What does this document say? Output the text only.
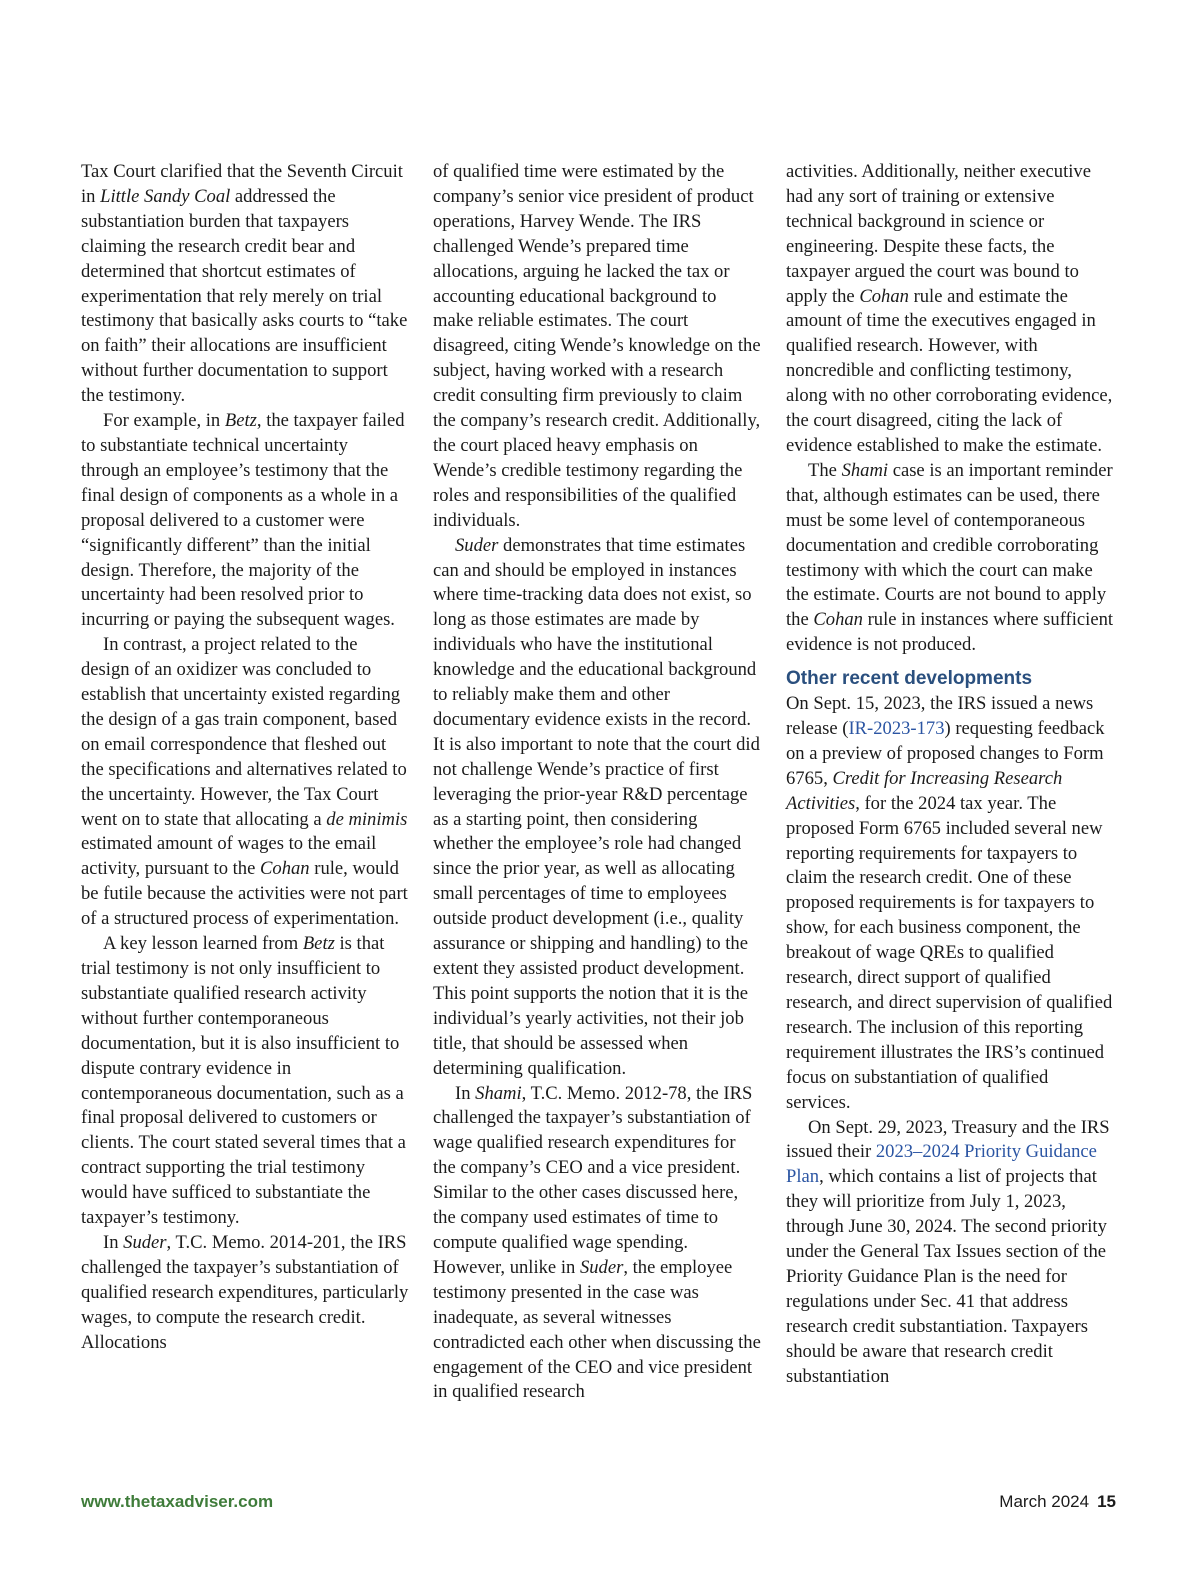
Tax Court clarified that the Seventh Circuit in Little Sandy Coal addressed the substantiation burden that taxpayers claiming the research credit bear and determined that shortcut estimates of experimentation that rely merely on trial testimony that basically asks courts to “take on faith” their allocations are insufficient without further documentation to support the testimony.

For example, in Betz, the taxpayer failed to substantiate technical uncertainty through an employee’s testimony that the final design of components as a whole in a proposal delivered to a customer were “significantly different” than the initial design. Therefore, the majority of the uncertainty had been resolved prior to incurring or paying the subsequent wages.

In contrast, a project related to the design of an oxidizer was concluded to establish that uncertainty existed regarding the design of a gas train component, based on email correspondence that fleshed out the specifications and alternatives related to the uncertainty. However, the Tax Court went on to state that allocating a de minimis estimated amount of wages to the email activity, pursuant to the Cohan rule, would be futile because the activities were not part of a structured process of experimentation.

A key lesson learned from Betz is that trial testimony is not only insufficient to substantiate qualified research activity without further contemporaneous documentation, but it is also insufficient to dispute contrary evidence in contemporaneous documentation, such as a final proposal delivered to customers or clients. The court stated several times that a contract supporting the trial testimony would have sufficed to substantiate the taxpayer’s testimony.

In Suder, T.C. Memo. 2014-201, the IRS challenged the taxpayer’s substantiation of qualified research expenditures, particularly wages, to compute the research credit. Allocations

of qualified time were estimated by the company’s senior vice president of product operations, Harvey Wende. The IRS challenged Wende’s prepared time allocations, arguing he lacked the tax or accounting educational background to make reliable estimates. The court disagreed, citing Wende’s knowledge on the subject, having worked with a research credit consulting firm previously to claim the company’s research credit. Additionally, the court placed heavy emphasis on Wende’s credible testimony regarding the roles and responsibilities of the qualified individuals.

Suder demonstrates that time estimates can and should be employed in instances where time-tracking data does not exist, so long as those estimates are made by individuals who have the institutional knowledge and the educational background to reliably make them and other documentary evidence exists in the record. It is also important to note that the court did not challenge Wende’s practice of first leveraging the prior-year R&D percentage as a starting point, then considering whether the employee’s role had changed since the prior year, as well as allocating small percentages of time to employees outside product development (i.e., quality assurance or shipping and handling) to the extent they assisted product development. This point supports the notion that it is the individual’s yearly activities, not their job title, that should be assessed when determining qualification.

In Shami, T.C. Memo. 2012-78, the IRS challenged the taxpayer’s substantiation of wage qualified research expenditures for the company’s CEO and a vice president. Similar to the other cases discussed here, the company used estimates of time to compute qualified wage spending. However, unlike in Suder, the employee testimony presented in the case was inadequate, as several witnesses contradicted each other when discussing the engagement of the CEO and vice president in qualified research

activities. Additionally, neither executive had any sort of training or extensive technical background in science or engineering. Despite these facts, the taxpayer argued the court was bound to apply the Cohan rule and estimate the amount of time the executives engaged in qualified research. However, with noncredible and conflicting testimony, along with no other corroborating evidence, the court disagreed, citing the lack of evidence established to make the estimate.

The Shami case is an important reminder that, although estimates can be used, there must be some level of contemporaneous documentation and credible corroborating testimony with which the court can make the estimate. Courts are not bound to apply the Cohan rule in instances where sufficient evidence is not produced.

Other recent developments

On Sept. 15, 2023, the IRS issued a news release (IR-2023-173) requesting feedback on a preview of proposed changes to Form 6765, Credit for Increasing Research Activities, for the 2024 tax year. The proposed Form 6765 included several new reporting requirements for taxpayers to claim the research credit. One of these proposed requirements is for taxpayers to show, for each business component, the breakout of wage QREs to qualified research, direct support of qualified research, and direct supervision of qualified research. The inclusion of this reporting requirement illustrates the IRS’s continued focus on substantiation of qualified services.

On Sept. 29, 2023, Treasury and the IRS issued their 2023–2024 Priority Guidance Plan, which contains a list of projects that they will prioritize from July 1, 2023, through June 30, 2024. The second priority under the General Tax Issues section of the Priority Guidance Plan is the need for regulations under Sec. 41 that address research credit substantiation. Taxpayers should be aware that research credit substantiation

www.thetaxadviser.com	March 2024 15
